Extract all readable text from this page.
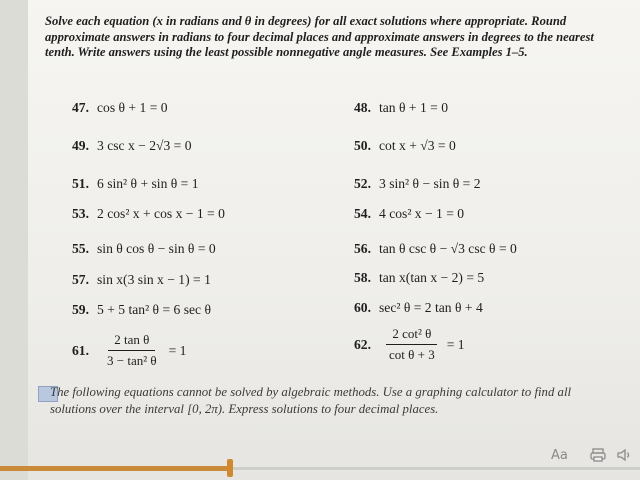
Solve each equation (x in radians and θ in degrees) for all exact solutions where appropriate. Round approximate answers in radians to four decimal places and approximate answers in degrees to the nearest tenth. Write answers using the least possible nonnegative angle measures. See Examples 1–5.
47. cos θ + 1 = 0	48. tan θ + 1 = 0
49. 3 csc x − 2√3 = 0	50. cot x + √3 = 0
51. 6 sin² θ + sin θ = 1	52. 3 sin² θ − sin θ = 2
53. 2 cos² x + cos x − 1 = 0	54. 4 cos² x − 1 = 0
55. sin θ cos θ − sin θ = 0	56. tan θ csc θ − √3 csc θ = 0
57. sin x(3 sin x − 1) = 1	58. tan x(tan x − 2) = 5
59. 5 + 5 tan² θ = 6 sec θ	60. sec² θ = 2 tan θ + 4
61. $\frac{\text{2 tan θ}}{\text{3 − tan² θ}} = 1$	62. $\frac{\text{2 cot² θ}}{\text{cot θ + 3}} = 1$
The following equations cannot be solved by algebraic methods. Use a graphing calculator to find all solutions over the interval [0, 2π). Express solutions to four decimal places.
Aa
